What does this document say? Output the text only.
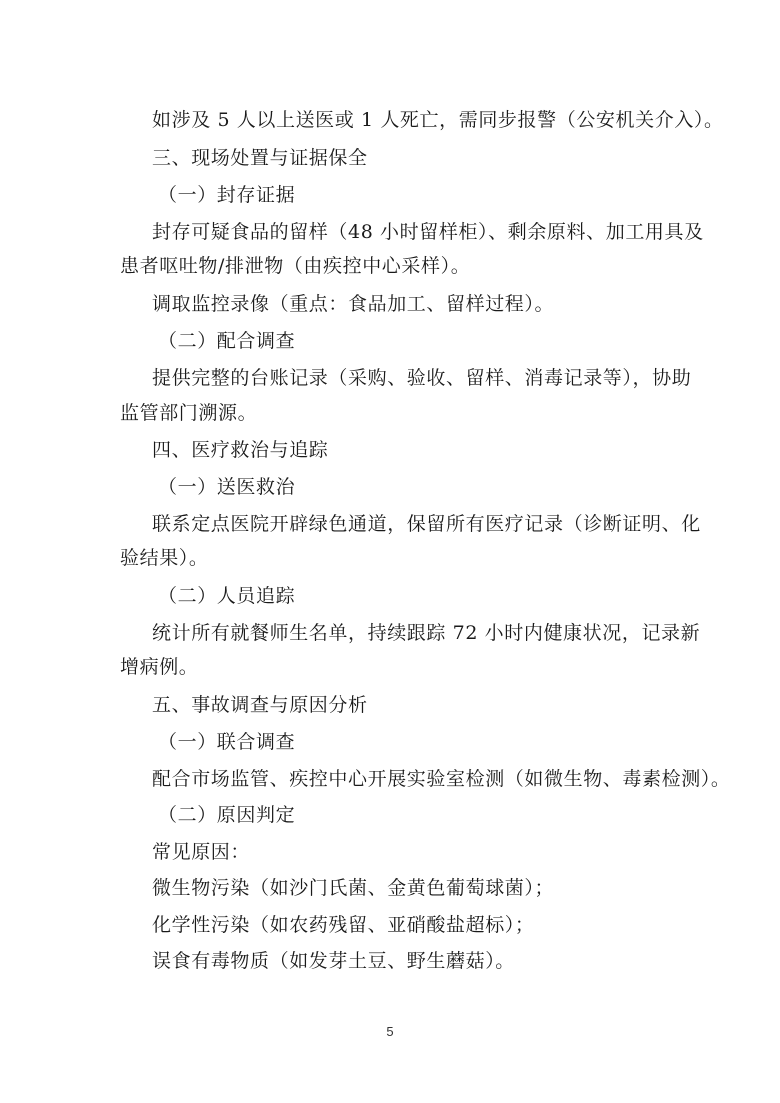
如涉及 5 人以上送医或 1 人死亡，需同步报警（公安机关介入）。
三、现场处置与证据保全
（一）封存证据
封存可疑食品的留样（48 小时留样柜）、剩余原料、加工用具及
患者呕吐物/排泄物（由疾控中心采样）。
调取监控录像（重点：食品加工、留样过程）。
（二）配合调查
提供完整的台账记录（采购、验收、留样、消毒记录等），协助
监管部门溯源。
四、医疗救治与追踪
（一）送医救治
联系定点医院开辟绿色通道，保留所有医疗记录（诊断证明、化
验结果）。
（二）人员追踪
统计所有就餐师生名单，持续跟踪 72 小时内健康状况，记录新
增病例。
五、事故调查与原因分析
（一）联合调查
配合市场监管、疾控中心开展实验室检测（如微生物、毒素检测）。
（二）原因判定
常见原因：
微生物污染（如沙门氏菌、金黄色葡萄球菌）；
化学性污染（如农药残留、亚硝酸盐超标）；
误食有毒物质（如发芽土豆、野生蘑菇）。
5
